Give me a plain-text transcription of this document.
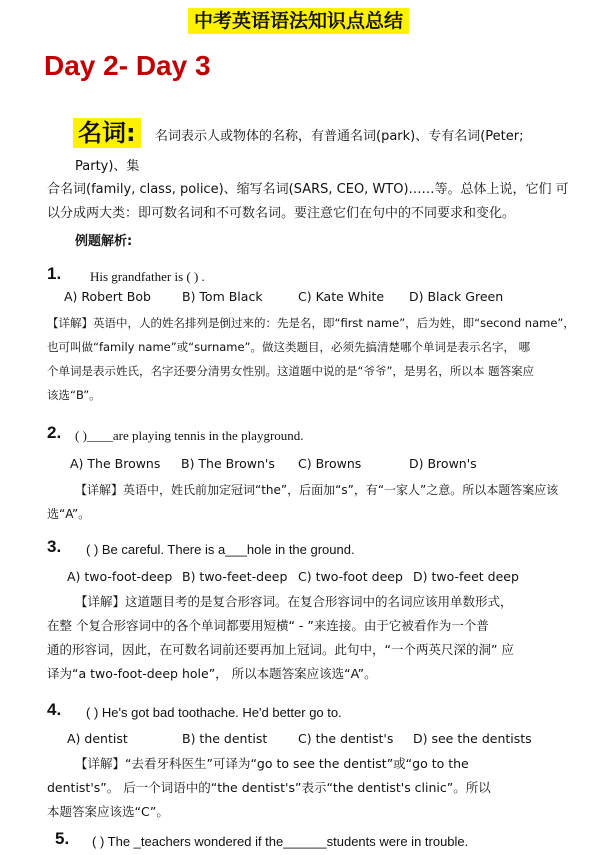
中考英语语法知识点总结
Day 2- Day 3
名词:	名词表示人或物体的名称，有普通名词(park)、专有名词(Peter;
Party)、集
合名词(family, class, police)、缩写名词(SARS, CEO, WTO)……等。总体上说，它们 可
以分成两大类：即可数名词和不可数名词。要注意它们在句中的不同要求和变化。
例题解析:
1. His grandfather is ( ) .
A) Robert Bob B) Tom Black	C) Kate White D) Black Green
【详解】英语中，人的姓名排列是倒过来的：先是名，即“first name”，后为姓，即“second name”，
也可叫做“family name”或“surname”。做这类题目，必须先搞清楚哪个单词是表示名字， 哪
个单词是表示姓氏，名字还要分清男女性别。这道题中说的是“爷爷”，是男名，所以本 题答案应
该选“B”。
2. ( )____are playing tennis in the playground.
A) The Browns B) The Brown's C) Browns	D) Brown's
【详解】英语中，姓氏前加定冠词“the”，后面加“s”，有“一家人”之意。所以本题答案应该
选“A”。
3. ( ) Be careful. There is a___hole in the ground.
A) two-foot-deep B) two-feet-deep C) two-foot deep D) two-feet deep
【详解】这道题目考的是复合形容词。在复合形容词中的名词应该用单数形式，
在整 个复合形容词中的各个单词都要用短横“ - ”来连接。由于它被看作为一个普
通的形容词，因此，在可数名词前还要再加上冠词。此句中，“一个两英尺深的洞” 应
译为“a two-foot-deep hole”， 所以本题答案应该选“A”。
4. ( ) He's got bad toothache. He'd better go to.
A) dentist	B) the dentist C) the dentist's D) see the dentists
【详解】“去看牙科医生”可译为“go to see the dentist”或“go to the
dentist's”。 后一个词语中的“the dentist's”表示“the dentist's clinic”。所以
本题答案应该选“C”。
5. ( ) The _teachers wondered if the______students were in trouble.
